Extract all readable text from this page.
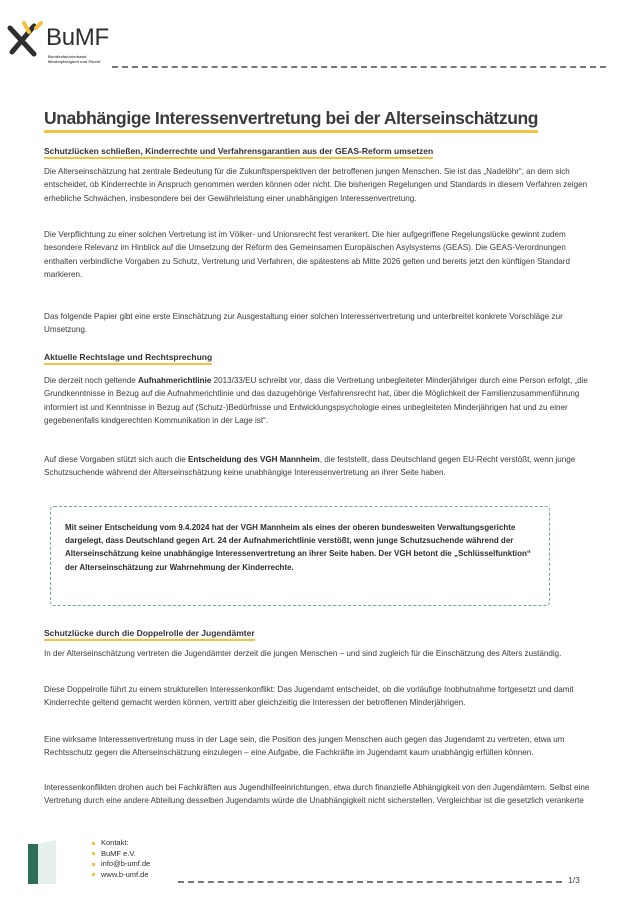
BuMF
Bundesfachverband Minderjährigkeit und Flucht
Unabhängige Interessenvertretung bei der Alterseinschätzung
Schutzlücken schließen, Kinderrechte und Verfahrensgarantien aus der GEAS-Reform umsetzen

Die Alterseinschätzung hat zentrale Bedeutung für die Zukunftsperspektiven der betroffenen jungen Menschen. Sie ist das „Nadelöhr“, an dem sich entscheidet, ob Kinderrechte in Anspruch genommen werden können oder nicht. Die bisherigen Regelungen und Standards in diesem Verfahren zeigen erhebliche Schwächen, insbesondere bei der Gewährleistung einer unabhängigen Interessenvertretung.

Die Verpflichtung zu einer solchen Vertretung ist im Völker- und Unionsrecht fest verankert. Die hier aufgegriffene Regelungslücke gewinnt zudem besondere Relevanz im Hinblick auf die Umsetzung der Reform des Gemeinsamen Europäischen Asylsystems (GEAS). Die GEAS-Verordnungen enthalten verbindliche Vorgaben zu Schutz, Vertretung und Verfahren, die spätestens ab Mitte 2026 gelten und bereits jetzt den künftigen Standard markieren.

Das folgende Papier gibt eine erste Einschätzung zur Ausgestaltung einer solchen Interessenvertretung und unterbreitet konkrete Vorschläge zur Umsetzung.

Aktuelle Rechtslage und Rechtsprechung

Die derzeit noch geltende Aufnahmerichtlinie 2013/33/EU schreibt vor, dass die Vertretung unbegleiteter Minderjähriger durch eine Person erfolgt, „die Grundkenntnisse in Bezug auf die Aufnahmerichtlinie und das dazugehörige Verfahrensrecht hat, über die Möglichkeit der Familienzusammenführung informiert ist und Kenntnisse in Bezug auf (Schutz-)Bedürfnisse und Entwicklungspsychologie eines unbegleiteten Minderjährigen hat und zu einer gegebenenfalls kindgerechten Kommunikation in der Lage ist“.

Auf diese Vorgaben stützt sich auch die Entscheidung des VGH Mannheim, die feststellt, dass Deutschland gegen EU-Recht verstößt, wenn junge Schutzsuchende während der Alterseinschätzung keine unabhängige Interessenvertretung an ihrer Seite haben.

Mit seiner Entscheidung vom 9.4.2024 hat der VGH Mannheim als eines der oberen bundesweiten Verwaltungsgerichte dargelegt, dass Deutschland gegen Art. 24 der Aufnahmerichtlinie verstößt, wenn junge Schutzsuchende während der Alterseinschätzung keine unabhängige Interessenvertretung an ihrer Seite haben. Der VGH betont die „Schlüsselfunktion“ der Alterseinschätzung zur Wahrnehmung der Kinderrechte.

Schutzlücke durch die Doppelrolle der Jugendämter

In der Alterseinschätzung vertreten die Jugendämter derzeit die jungen Menschen – und sind zugleich für die Einschätzung des Alters zuständig.

Diese Doppelrolle führt zu einem strukturellen Interessenkonflikt: Das Jugendamt entscheidet, ob die vorläufige Inobhutnahme fortgesetzt und damit Kinderrechte geltend gemacht werden können, vertritt aber gleichzeitig die Interessen der betroffenen Minderjährigen.

Eine wirksame Interessenvertretung muss in der Lage sein, die Position des jungen Menschen auch gegen das Jugendamt zu vertreten, etwa um Rechtsschutz gegen die Alterseinschätzung einzulegen – eine Aufgabe, die Fachkräfte im Jugendamt kaum unabhängig erfüllen können.

Interessenkonflikten drohen auch bei Fachkräften aus Jugendhilfeeinrichtungen, etwa durch finanzielle Abhängigkeit von den Jugendämtern. Selbst eine Vertretung durch eine andere Abteilung desselben Jugendamts würde die Unabhängigkeit nicht sicherstellen. Vergleichbar ist die gesetzlich verankerte

Kontakt:
BuMF e.V.
info@b-umf.de
www.b-umf.de
1/3
